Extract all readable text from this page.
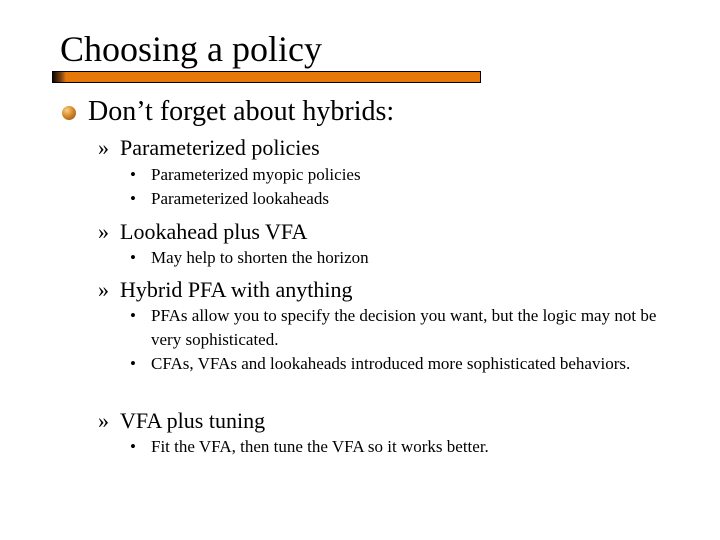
Choosing a policy
Don’t forget about hybrids:
» Parameterized policies
• Parameterized myopic policies
• Parameterized lookaheads
» Lookahead plus VFA
• May help to shorten the horizon
» Hybrid PFA with anything
• PFAs allow you to specify the decision you want, but the logic may not be very sophisticated.
• CFAs, VFAs and lookaheads introduced more sophisticated behaviors.
» VFA plus tuning
• Fit the VFA, then tune the VFA so it works better.
